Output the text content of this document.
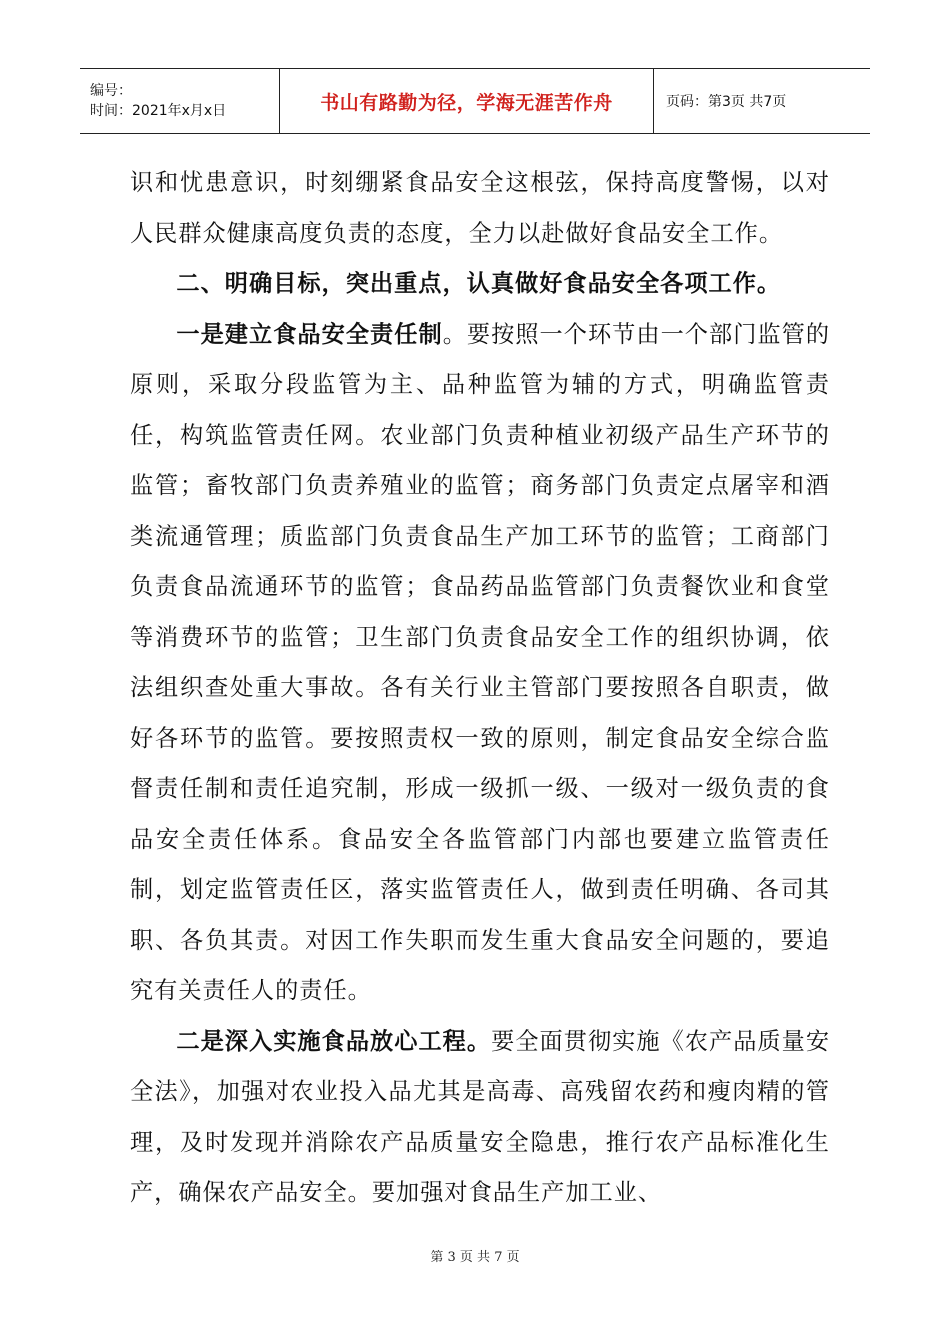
编号：
时间：2021年x月x日	书山有路勤为径，学海无涯苦作舟	页码：第3页 共7页

识和忧患意识，时刻绷紧食品安全这根弦，保持高度警惕，以对人民群众健康高度负责的态度，全力以赴做好食品安全工作。

二、明确目标，突出重点，认真做好食品安全各项工作。

一是建立食品安全责任制。要按照一个环节由一个部门监管的原则，采取分段监管为主、品种监管为辅的方式，明确监管责任，构筑监管责任网。农业部门负责种植业初级产品生产环节的监管；畜牧部门负责养殖业的监管；商务部门负责定点屠宰和酒类流通管理；质监部门负责食品生产加工环节的监管；工商部门负责食品流通环节的监管；食品药品监管部门负责餐饮业和食堂等消费环节的监管；卫生部门负责食品安全工作的组织协调，依法组织查处重大事故。各有关行业主管部门要按照各自职责，做好各环节的监管。要按照责权一致的原则，制定食品安全综合监督责任制和责任追究制，形成一级抓一级、一级对一级负责的食品安全责任体系。食品安全各监管部门内部也要建立监管责任制，划定监管责任区，落实监管责任人，做到责任明确、各司其职、各负其责。对因工作失职而发生重大食品安全问题的，要追究有关责任人的责任。

二是深入实施食品放心工程。要全面贯彻实施《农产品质量安全法》，加强对农业投入品尤其是高毒、高残留农药和瘦肉精的管理，及时发现并消除农产品质量安全隐患，推行农产品标准化生产，确保农产品安全。要加强对食品生产加工业、

第 3 页 共 7 页
